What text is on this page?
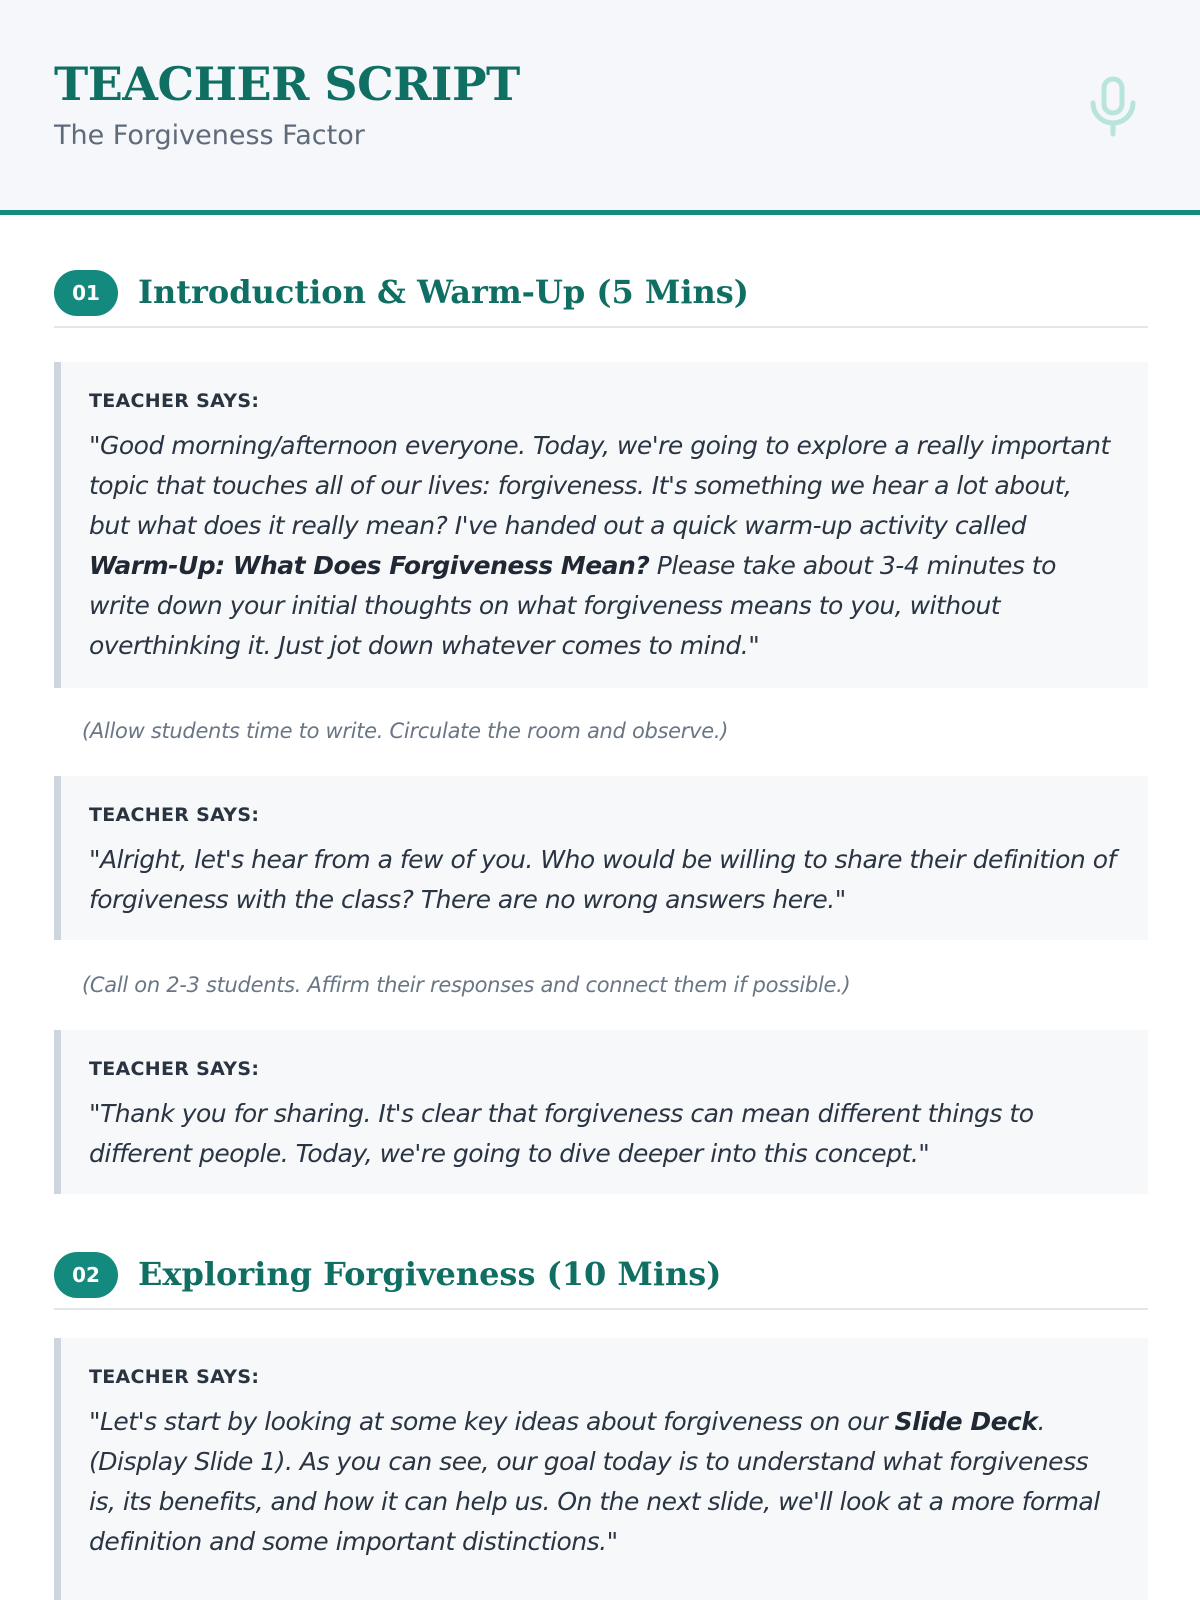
TEACHER SCRIPT
The Forgiveness Factor
01	Introduction & Warm-Up (5 Mins)
TEACHER SAYS:
"Good morning/afternoon everyone. Today, we're going to explore a really important topic that touches all of our lives: forgiveness. It's something we hear a lot about, but what does it really mean? I've handed out a quick warm-up activity called Warm-Up: What Does Forgiveness Mean? Please take about 3-4 minutes to write down your initial thoughts on what forgiveness means to you, without overthinking it. Just jot down whatever comes to mind."
(Allow students time to write. Circulate the room and observe.)
TEACHER SAYS:
"Alright, let's hear from a few of you. Who would be willing to share their definition of forgiveness with the class? There are no wrong answers here."
(Call on 2-3 students. Affirm their responses and connect them if possible.)
TEACHER SAYS:
"Thank you for sharing. It's clear that forgiveness can mean different things to different people. Today, we're going to dive deeper into this concept."
02	Exploring Forgiveness (10 Mins)
TEACHER SAYS:
"Let's start by looking at some key ideas about forgiveness on our Slide Deck. (Display Slide 1). As you can see, our goal today is to understand what forgiveness is, its benefits, and how it can help us. On the next slide, we'll look at a more formal definition and some important distinctions."
